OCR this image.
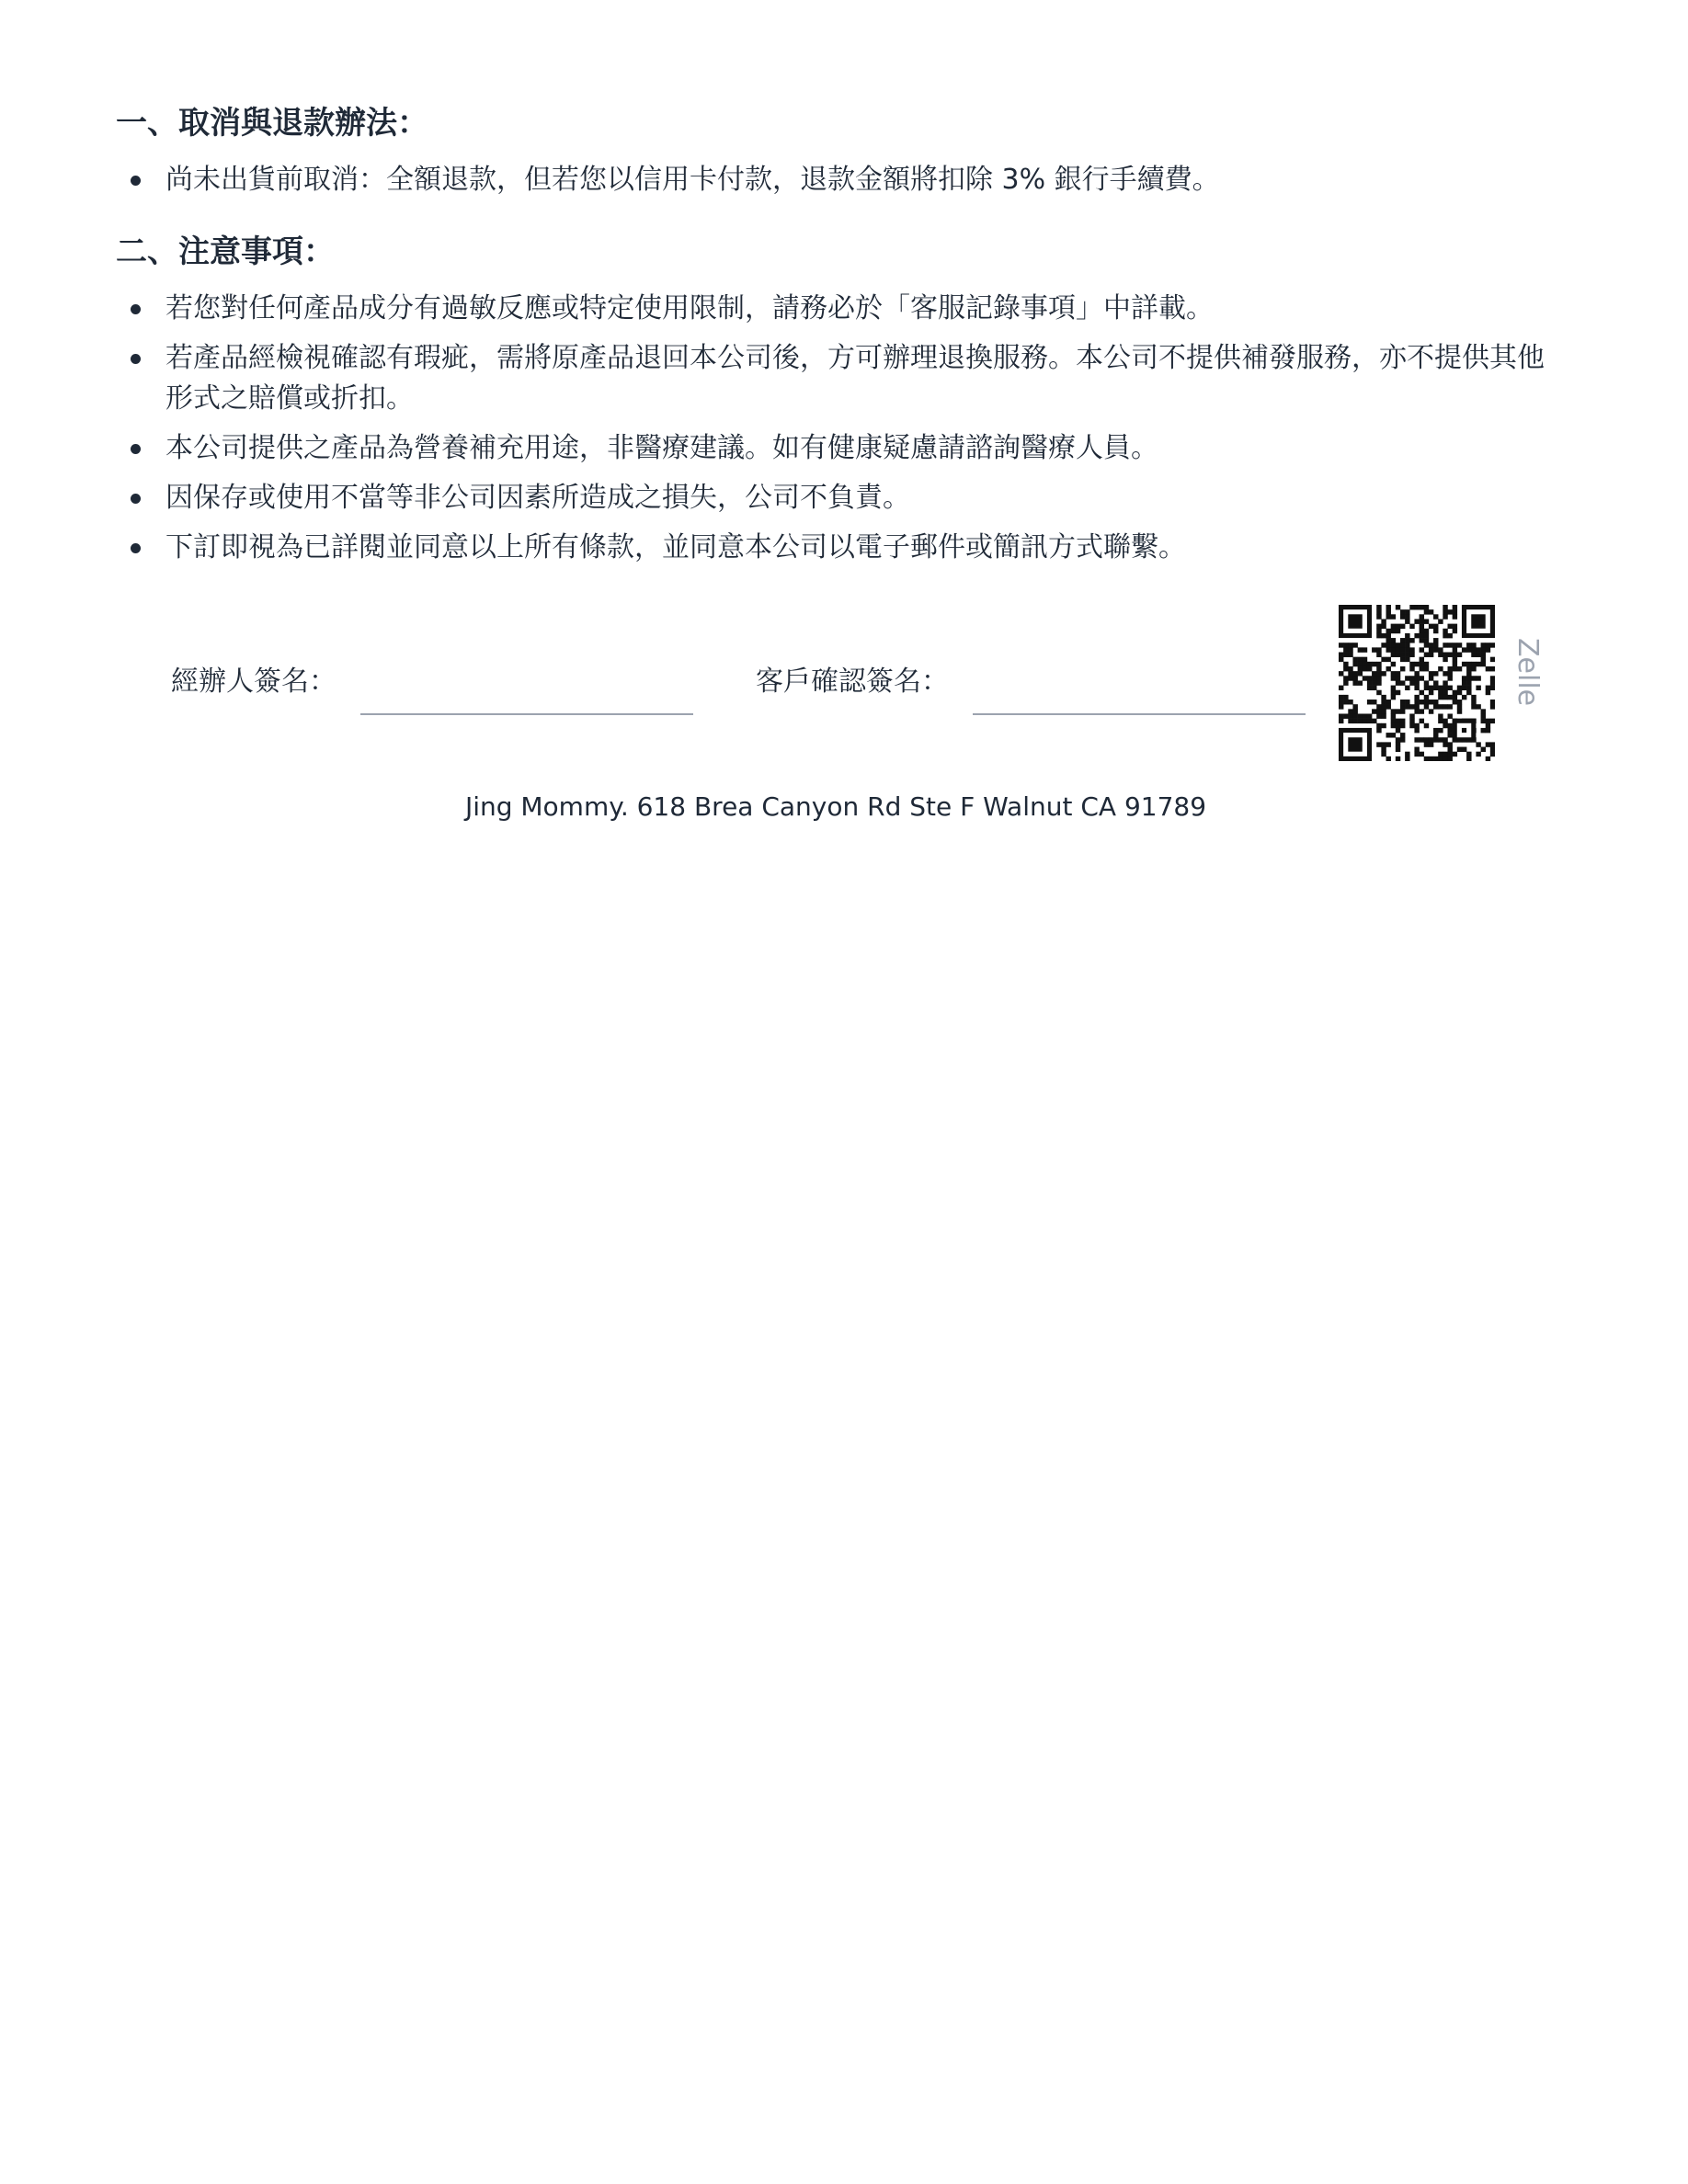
一、取消與退款辦法：
尚未出貨前取消：全額退款，但若您以信用卡付款，退款金額將扣除 3% 銀行手續費。
二、注意事項：
若您對任何產品成分有過敏反應或特定使用限制，請務必於「客服記錄事項」中詳載。
若產品經檢視確認有瑕疵，需將原產品退回本公司後，方可辦理退換服務。本公司不提供補發服務，亦不提供其他形式之賠償或折扣。
本公司提供之產品為營養補充用途，非醫療建議。如有健康疑慮請諮詢醫療人員。
因保存或使用不當等非公司因素所造成之損失，公司不負責。
下訂即視為已詳閱並同意以上所有條款，並同意本公司以電子郵件或簡訊方式聯繫。
經辦人簽名：	客戶確認簽名：	Zelle
Jing Mommy. 618 Brea Canyon Rd Ste F Walnut CA 91789
